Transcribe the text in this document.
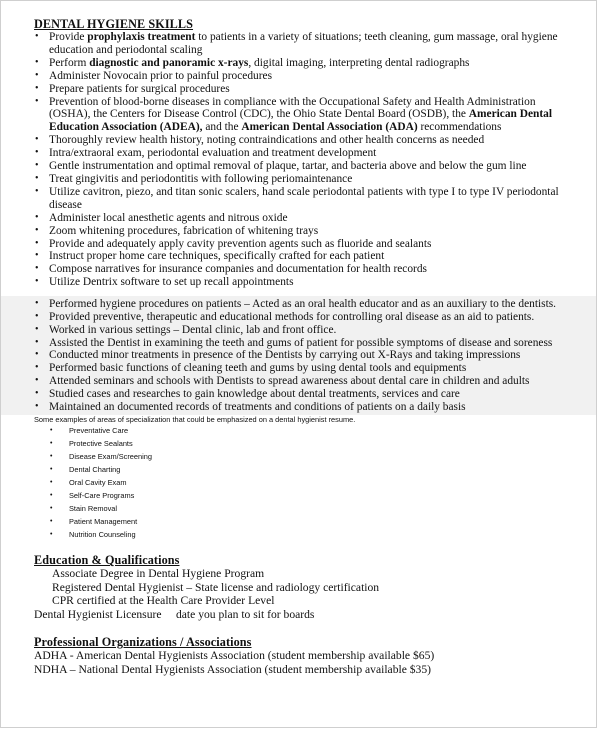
DENTAL HYGIENE SKILLS
• Provide prophylaxis treatment to patients in a variety of situations; teeth cleaning, gum massage, oral hygiene education and periodontal scaling
• Perform diagnostic and panoramic x-rays, digital imaging, interpreting dental radiographs
• Administer Novocain prior to painful procedures
• Prepare patients for surgical procedures
• Prevention of blood-borne diseases in compliance with the Occupational Safety and Health Administration (OSHA), the Centers for Disease Control (CDC), the Ohio State Dental Board (OSDB), the American Dental Education Association (ADEA), and the American Dental Association (ADA) recommendations
• Thoroughly review health history, noting contraindications and other health concerns as needed
• Intra/extraoral exam, periodontal evaluation and treatment development
• Gentle instrumentation and optimal removal of plaque, tartar, and bacteria above and below the gum line
• Treat gingivitis and periodontitis with following periomaintenance
• Utilize cavitron, piezo, and titan sonic scalers, hand scale periodontal patients with type I to type IV periodontal disease
• Administer local anesthetic agents and nitrous oxide
• Zoom whitening procedures, fabrication of whitening trays
• Provide and adequately apply cavity prevention agents such as fluoride and sealants
• Instruct proper home care techniques, specifically crafted for each patient
• Compose narratives for insurance companies and documentation for health records
• Utilize Dentrix software to set up recall appointments
• Performed hygiene procedures on patients – Acted as an oral health educator and as an auxiliary to the dentists.
• Provided preventive, therapeutic and educational methods for controlling oral disease as an aid to patients.
• Worked in various settings – Dental clinic, lab and front office.
• Assisted the Dentist in examining the teeth and gums of patient for possible symptoms of disease and soreness
• Conducted minor treatments in presence of the Dentists by carrying out X-Rays and taking impressions
• Performed basic functions of cleaning teeth and gums by using dental tools and equipments
• Attended seminars and schools with Dentists to spread awareness about dental care in children and adults
• Studied cases and researches to gain knowledge about dental treatments, services and care
• Maintained an documented records of treatments and conditions of patients on a daily basis
Some examples of areas of specialization that could be emphasized on a dental hygienist resume.
• Preventative Care
• Protective Sealants
• Disease Exam/Screening
• Dental Charting
• Oral Cavity Exam
• Self-Care Programs
• Stain Removal
• Patient Management
• Nutrition Counseling
Education & Qualifications
Associate Degree in Dental Hygiene Program
Registered Dental Hygienist – State license and radiology certification
CPR certified at the Health Care Provider Level
Dental Hygienist Licensure     date you plan to sit for boards
Professional Organizations / Associations
ADHA - American Dental Hygienists Association (student membership available $65)
NDHA – National Dental Hygienists Association (student membership available $35)
